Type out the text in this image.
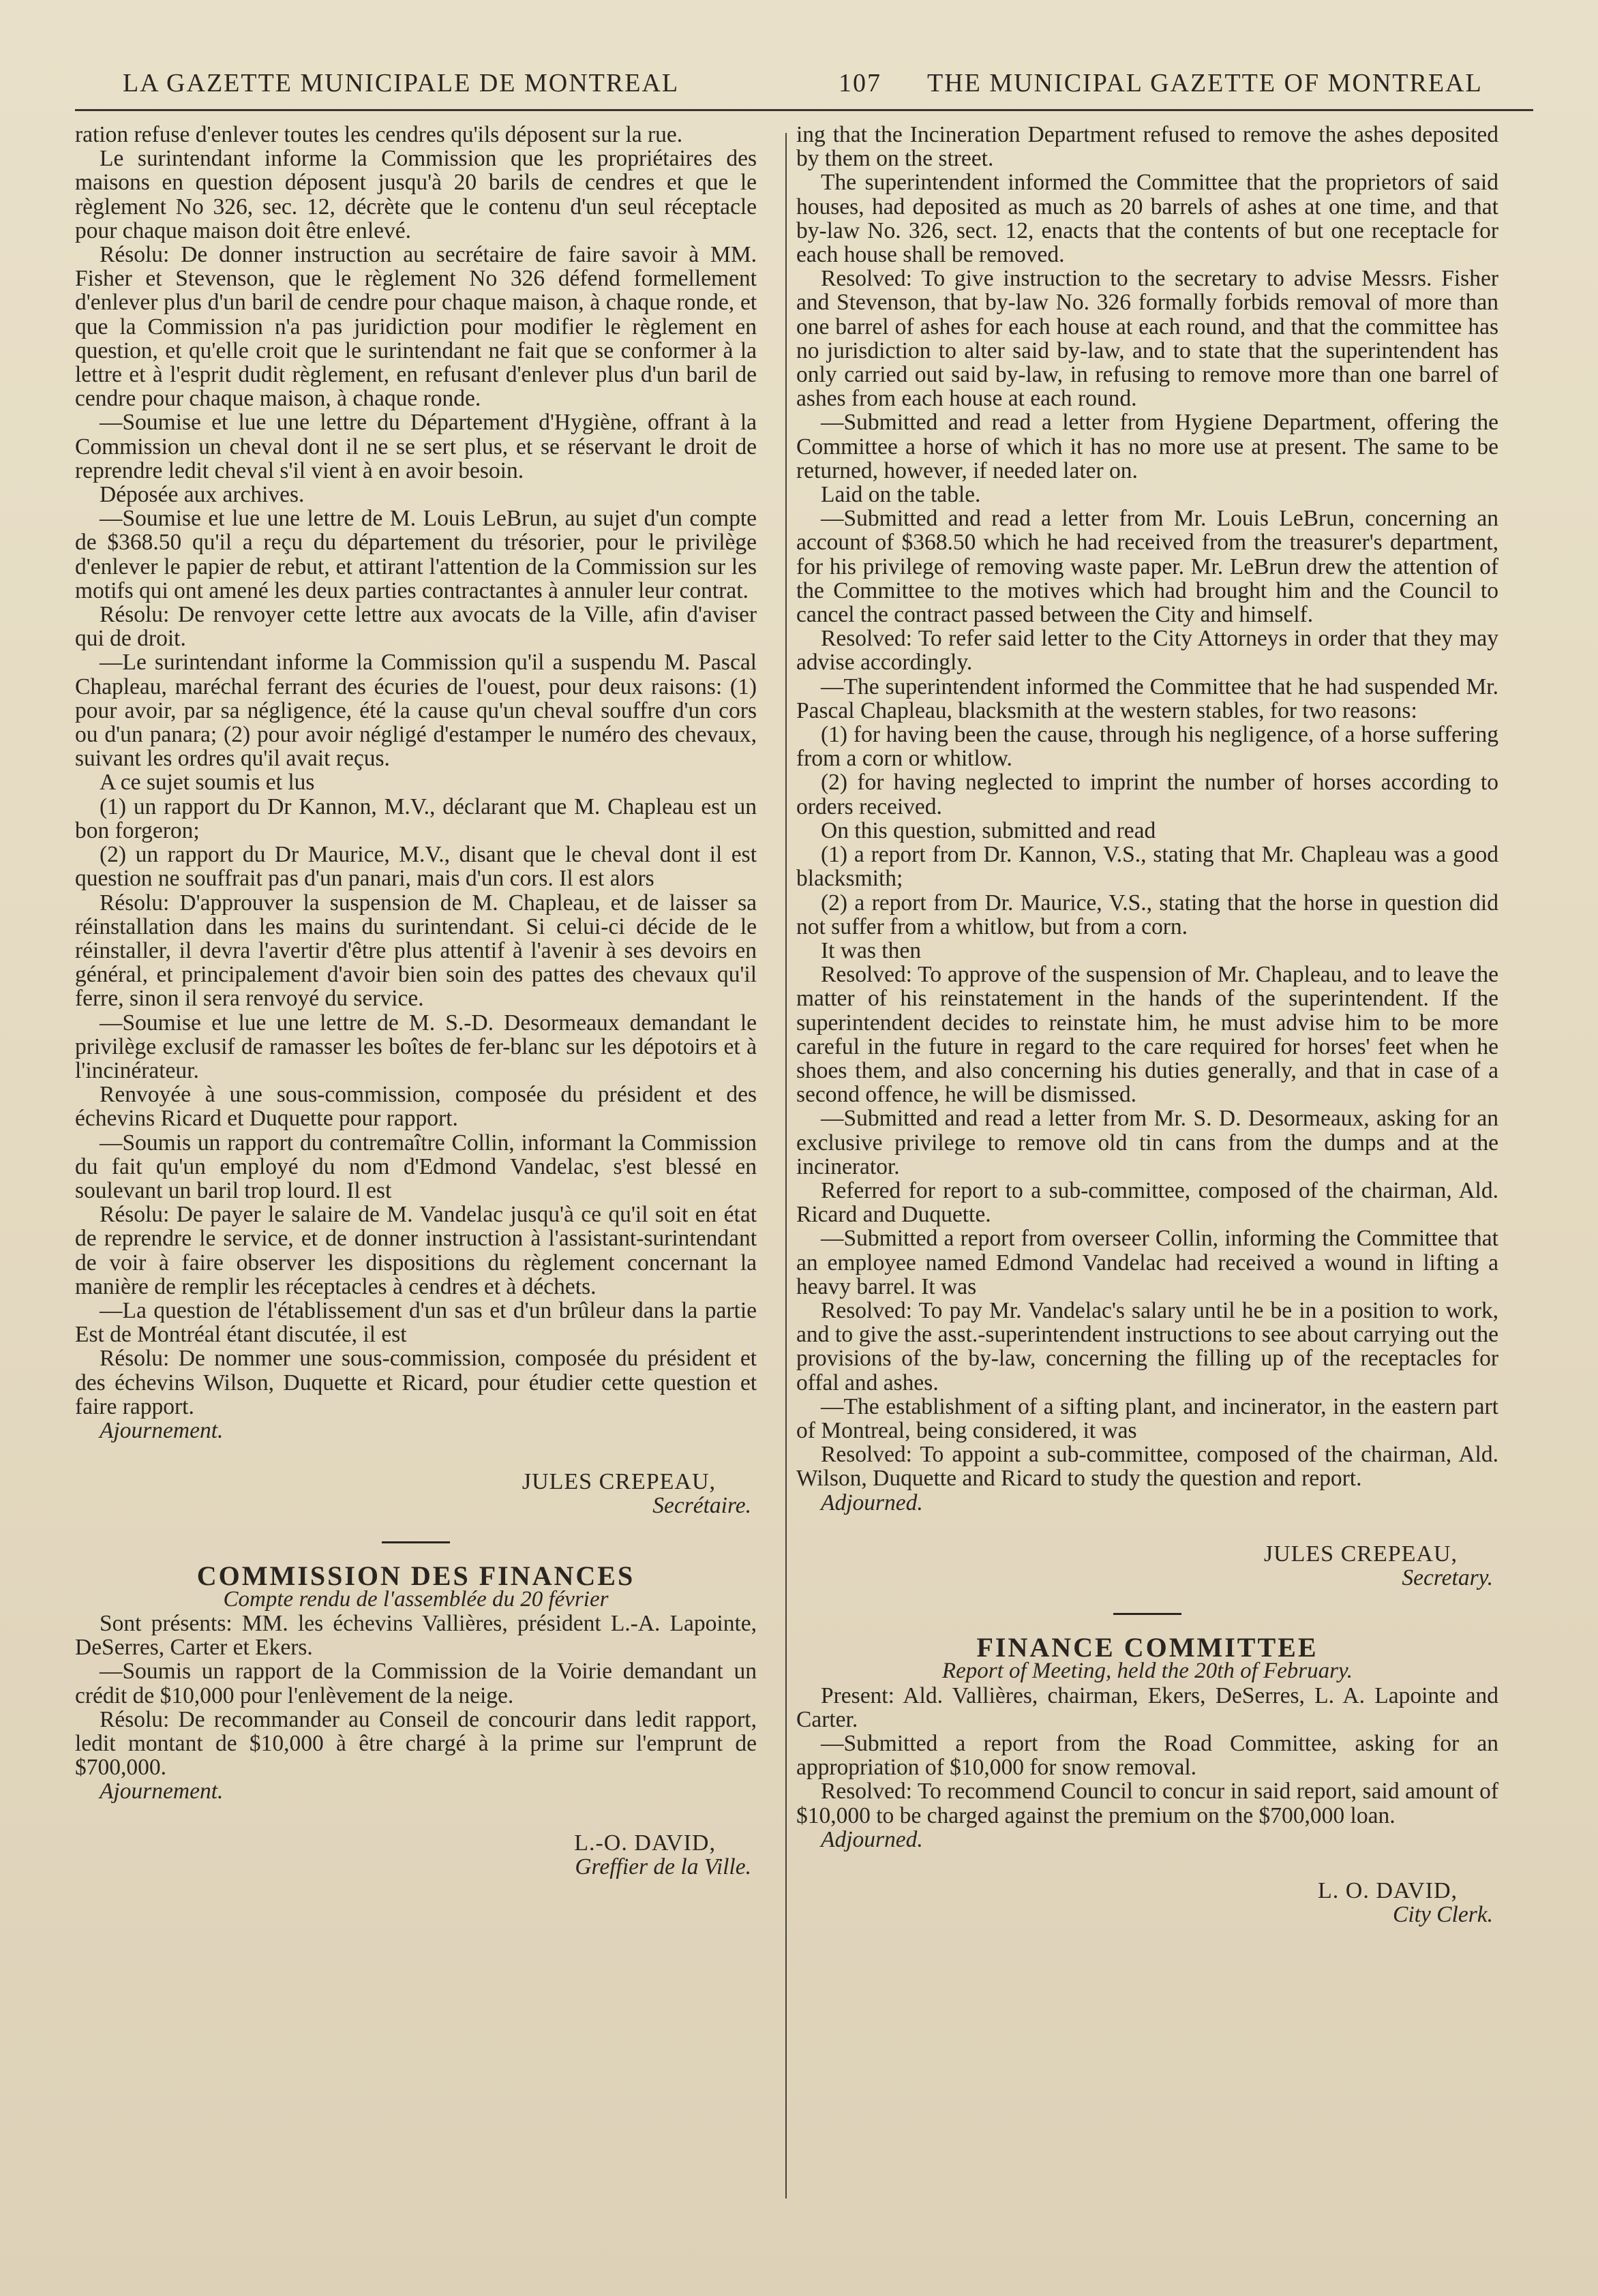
LA GAZETTE MUNICIPALE DE MONTREAL	107 THE MUNICIPAL GAZETTE OF MONTREAL

ration refuse d'enlever toutes les cendres qu'ils déposent sur la rue.

Le surintendant informe la Commission que les propriétaires des maisons en question déposent jusqu'à 20 barils de cendres et que le règlement No 326, sec. 12, décrète que le contenu d'un seul réceptacle pour chaque maison doit être enlevé.

Résolu: De donner instruction au secrétaire de faire savoir à MM. Fisher et Stevenson, que le règlement No 326 défend formellement d'enlever plus d'un baril de cendre pour chaque maison, à chaque ronde, et que la Commission n'a pas juridiction pour modifier le règlement en question, et qu'elle croit que le surintendant ne fait que se conformer à la lettre et à l'esprit dudit règlement, en refusant d'enlever plus d'un baril de cendre pour chaque maison, à chaque ronde.

—Soumise et lue une lettre du Département d'Hygiène, offrant à la Commission un cheval dont il ne se sert plus, et se réservant le droit de reprendre ledit cheval s'il vient à en avoir besoin.

Déposée aux archives.

—Soumise et lue une lettre de M. Louis LeBrun, au sujet d'un compte de $368.50 qu'il a reçu du département du trésorier, pour le privilège d'enlever le papier de rebut, et attirant l'attention de la Commission sur les motifs qui ont amené les deux parties contractantes à annuler leur contrat.

Résolu: De renvoyer cette lettre aux avocats de la Ville, afin d'aviser qui de droit.

—Le surintendant informe la Commission qu'il a suspendu M. Pascal Chapleau, maréchal ferrant des écuries de l'ouest, pour deux raisons: (1) pour avoir, par sa négligence, été la cause qu'un cheval souffre d'un cors ou d'un panara; (2) pour avoir négligé d'estamper le numéro des chevaux, suivant les ordres qu'il avait reçus.

A ce sujet soumis et lus

(1) un rapport du Dr Kannon, M.V., déclarant que M. Chapleau est un bon forgeron;

(2) un rapport du Dr Maurice, M.V., disant que le cheval dont il est question ne souffrait pas d'un panari, mais d'un cors. Il est alors

Résolu: D'approuver la suspension de M. Chapleau, et de laisser sa réinstallation dans les mains du surintendant. Si celui-ci décide de le réinstaller, il devra l'avertir d'être plus attentif à l'avenir à ses devoirs en général, et principalement d'avoir bien soin des pattes des chevaux qu'il ferre, sinon il sera renvoyé du service.

—Soumise et lue une lettre de M. S.-D. Desormeaux demandant le privilège exclusif de ramasser les boîtes de fer-blanc sur les dépotoirs et à l'incinérateur.

Renvoyée à une sous-commission, composée du président et des échevins Ricard et Duquette pour rapport.

—Soumis un rapport du contremaître Collin, informant la Commission du fait qu'un employé du nom d'Edmond Vandelac, s'est blessé en soulevant un baril trop lourd. Il est

Résolu: De payer le salaire de M. Vandelac jusqu'à ce qu'il soit en état de reprendre le service, et de donner instruction à l'assistant-surintendant de voir à faire observer les dispositions du règlement concernant la manière de remplir les réceptacles à cendres et à déchets.

—La question de l'établissement d'un sas et d'un brûleur dans la partie Est de Montréal étant discutée, il est

Résolu: De nommer une sous-commission, composée du président et des échevins Wilson, Duquette et Ricard, pour étudier cette question et faire rapport.

Ajournement.

JULES CREPEAU,

Secrétaire.

COMMISSION DES FINANCES

Compte rendu de l'assemblée du 20 février

Sont présents: MM. les échevins Vallières, président L.-A. Lapointe, DeSerres, Carter et Ekers.

—Soumis un rapport de la Commission de la Voirie demandant un crédit de $10,000 pour l'enlèvement de la neige.

Résolu: De recommander au Conseil de concourir dans ledit rapport, ledit montant de $10,000 à être chargé à la prime sur l'emprunt de $700,000.

Ajournement.

L.-O. DAVID,

Greffier de la Ville.

ing that the Incineration Department refused to remove the ashes deposited by them on the street.

The superintendent informed the Committee that the proprietors of said houses, had deposited as much as 20 barrels of ashes at one time, and that by-law No. 326, sect. 12, enacts that the contents of but one receptacle for each house shall be removed.

Resolved: To give instruction to the secretary to advise Messrs. Fisher and Stevenson, that by-law No. 326 formally forbids removal of more than one barrel of ashes for each house at each round, and that the committee has no jurisdiction to alter said by-law, and to state that the superintendent has only carried out said by-law, in refusing to remove more than one barrel of ashes from each house at each round.

—Submitted and read a letter from Hygiene Department, offering the Committee a horse of which it has no more use at present. The same to be returned, however, if needed later on.

Laid on the table.

—Submitted and read a letter from Mr. Louis LeBrun, concerning an account of $368.50 which he had received from the treasurer's department, for his privilege of removing waste paper. Mr. LeBrun drew the attention of the Committee to the motives which had brought him and the Council to cancel the contract passed between the City and himself.

Resolved: To refer said letter to the City Attorneys in order that they may advise accordingly.

—The superintendent informed the Committee that he had suspended Mr. Pascal Chapleau, blacksmith at the western stables, for two reasons:

(1) for having been the cause, through his negligence, of a horse suffering from a corn or whitlow.

(2) for having neglected to imprint the number of horses according to orders received.

On this question, submitted and read

(1) a report from Dr. Kannon, V.S., stating that Mr. Chapleau was a good blacksmith;

(2) a report from Dr. Maurice, V.S., stating that the horse in question did not suffer from a whitlow, but from a corn.

It was then

Resolved: To approve of the suspension of Mr. Chapleau, and to leave the matter of his reinstatement in the hands of the superintendent. If the superintendent decides to reinstate him, he must advise him to be more careful in the future in regard to the care required for horses' feet when he shoes them, and also concerning his duties generally, and that in case of a second offence, he will be dismissed.

—Submitted and read a letter from Mr. S. D. Desormeaux, asking for an exclusive privilege to remove old tin cans from the dumps and at the incinerator.

Referred for report to a sub-committee, composed of the chairman, Ald. Ricard and Duquette.

—Submitted a report from overseer Collin, informing the Committee that an employee named Edmond Vandelac had received a wound in lifting a heavy barrel. It was

Resolved: To pay Mr. Vandelac's salary until he be in a position to work, and to give the asst.-superintendent instructions to see about carrying out the provisions of the by-law, concerning the filling up of the receptacles for offal and ashes.

—The establishment of a sifting plant, and incinerator, in the eastern part of Montreal, being considered, it was

Resolved: To appoint a sub-committee, composed of the chairman, Ald. Wilson, Duquette and Ricard to study the question and report.

Adjourned.

JULES CREPEAU,

Secretary.

FINANCE COMMITTEE

Report of Meeting, held the 20th of February.

Present: Ald. Vallières, chairman, Ekers, DeSerres, L. A. Lapointe and Carter.

—Submitted a report from the Road Committee, asking for an appropriation of $10,000 for snow removal.

Resolved: To recommend Council to concur in said report, said amount of $10,000 to be charged against the premium on the $700,000 loan.

Adjourned.

L. O. DAVID,

City Clerk.
